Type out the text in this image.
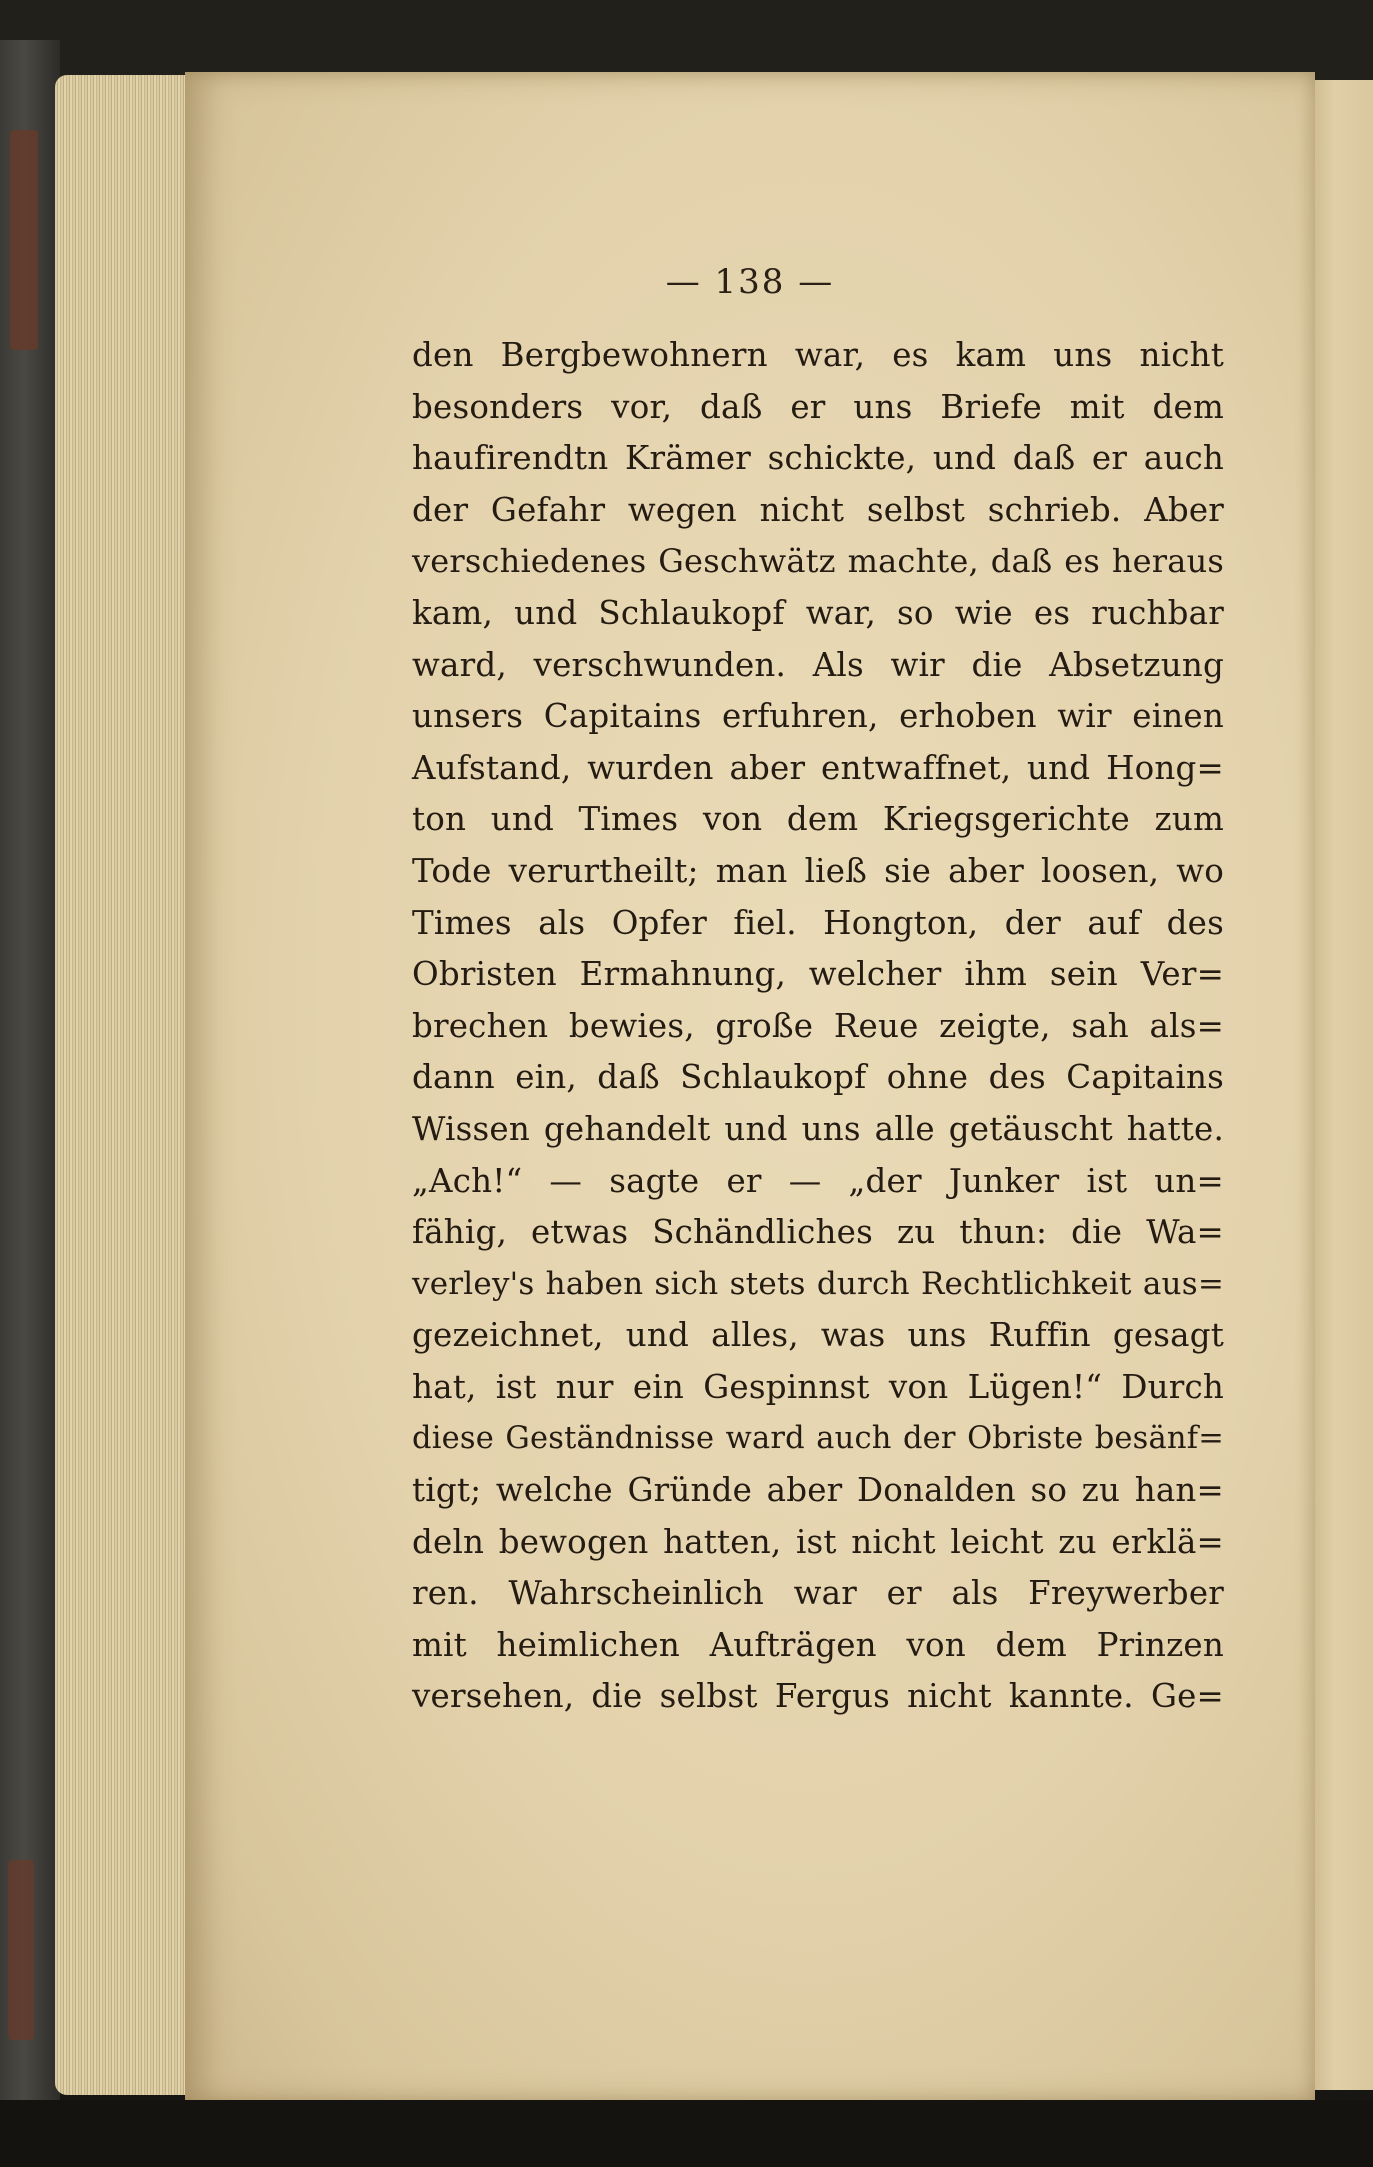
— 138 —
den Bergbewohnern war, es kam uns nicht
besonders vor, daß er uns Briefe mit dem
haufirendtn Krämer schickte, und daß er auch
der Gefahr wegen nicht selbst schrieb. Aber
verschiedenes Geschwätz machte, daß es heraus
kam, und Schlaukopf war, so wie es ruchbar
ward, verschwunden. Als wir die Absetzung
unsers Capitains erfuhren, erhoben wir einen
Aufstand, wurden aber entwaffnet, und Hong=
ton und Times von dem Kriegsgerichte zum
Tode verurtheilt; man ließ sie aber loosen, wo
Times als Opfer fiel. Hongton, der auf des
Obristen Ermahnung, welcher ihm sein Ver=
brechen bewies, große Reue zeigte, sah als=
dann ein, daß Schlaukopf ohne des Capitains
Wissen gehandelt und uns alle getäuscht hatte.
„Ach!“ — sagte er — „der Junker ist un=
fähig, etwas Schändliches zu thun: die Wa=
verley's haben sich stets durch Rechtlichkeit aus=
gezeichnet, und alles, was uns Ruffin gesagt
hat, ist nur ein Gespinnst von Lügen!“ Durch
diese Geständnisse ward auch der Obriste besänf=
tigt; welche Gründe aber Donalden so zu han=
deln bewogen hatten, ist nicht leicht zu erklä=
ren. Wahrscheinlich war er als Freywerber
mit heimlichen Aufträgen von dem Prinzen
versehen, die selbst Fergus nicht kannte. Ge=
